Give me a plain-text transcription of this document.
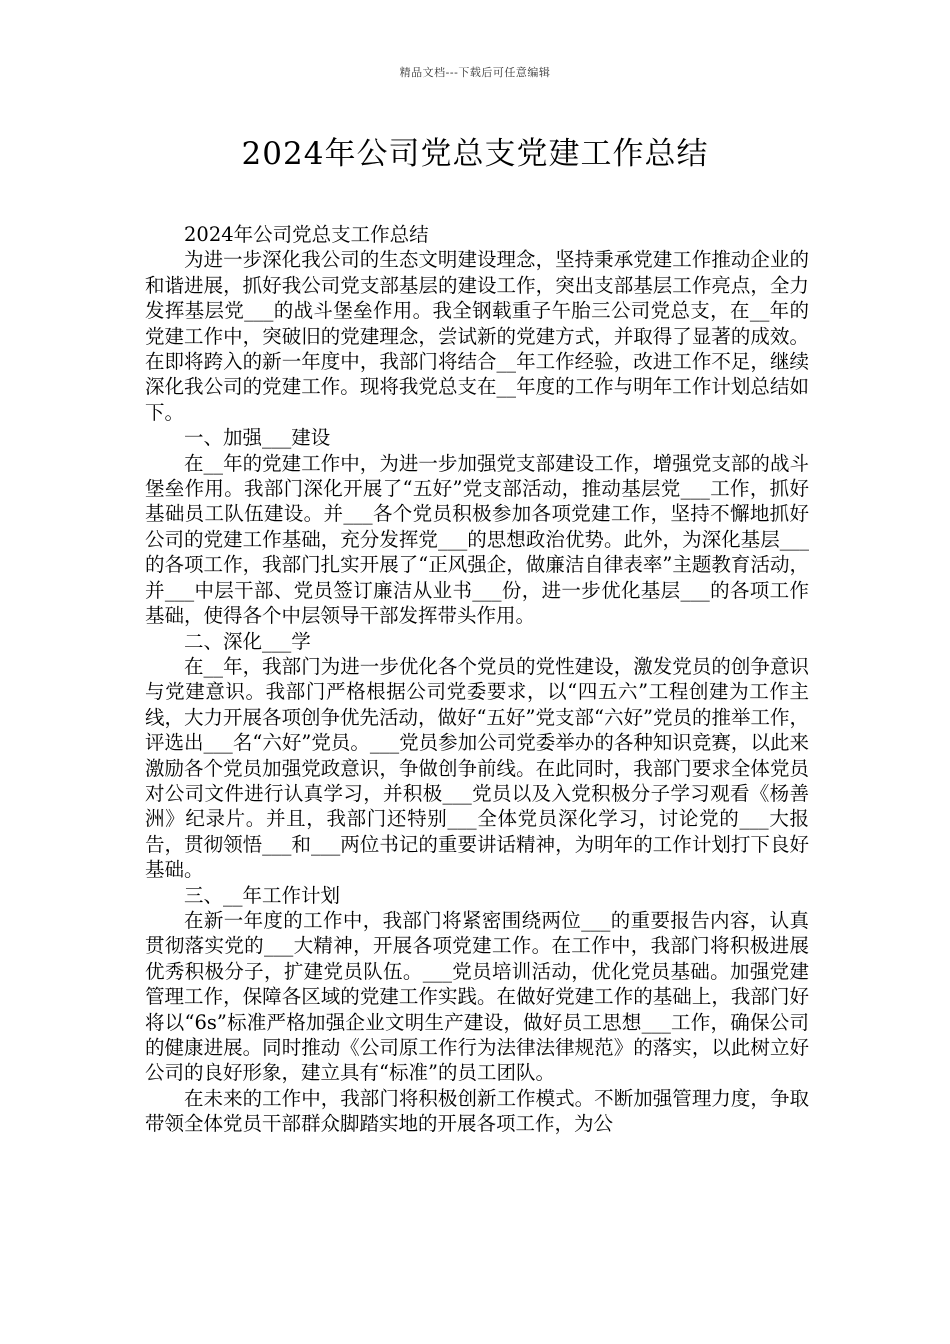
精品文档---下载后可任意编辑
2024年公司党总支党建工作总结

2024年公司党总支工作总结

为进一步深化我公司的生态文明建设理念，坚持秉承党建工作推动企业的和谐进展，抓好我公司党支部基层的建设工作，突出支部基层工作亮点，全力发挥基层党___的战斗堡垒作用。我全钢载重子午胎三公司党总支，在__年的党建工作中，突破旧的党建理念，尝试新的党建方式，并取得了显著的成效。在即将跨入的新一年度中，我部门将结合__年工作经验，改进工作不足，继续深化我公司的党建工作。现将我党总支在__年度的工作与明年工作计划总结如下。

一、加强___建设

在__年的党建工作中，为进一步加强党支部建设工作，增强党支部的战斗堡垒作用。我部门深化开展了“五好”党支部活动，推动基层党___工作，抓好基础员工队伍建设。并___各个党员积极参加各项党建工作，坚持不懈地抓好公司的党建工作基础，充分发挥党___的思想政治优势。此外，为深化基层___的各项工作，我部门扎实开展了“正风强企，做廉洁自律表率”主题教育活动，并___中层干部、党员签订廉洁从业书___份，进一步优化基层___的各项工作基础，使得各个中层领导干部发挥带头作用。

二、深化___学

在__年，我部门为进一步优化各个党员的党性建设，激发党员的创争意识与党建意识。我部门严格根据公司党委要求，以“四五六”工程创建为工作主线，大力开展各项创争优先活动，做好“五好”党支部“六好”党员的推举工作，评选出___名“六好”党员。___党员参加公司党委举办的各种知识竞赛，以此来激励各个党员加强党政意识，争做创争前线。在此同时，我部门要求全体党员对公司文件进行认真学习，并积极___党员以及入党积极分子学习观看《杨善洲》纪录片。并且，我部门还特别___全体党员深化学习，讨论党的___大报告，贯彻领悟___和___两位书记的重要讲话精神，为明年的工作计划打下良好基础。

三、__年工作计划

在新一年度的工作中，我部门将紧密围绕两位___的重要报告内容，认真贯彻落实党的___大精神，开展各项党建工作。在工作中，我部门将积极进展优秀积极分子，扩建党员队伍。___党员培训活动，优化党员基础。加强党建管理工作，保障各区域的党建工作实践。在做好党建工作的基础上，我部门好将以“6s”标准严格加强企业文明生产建设，做好员工思想___工作，确保公司的健康进展。同时推动《公司原工作行为法律法律规范》的落实，以此树立好公司的良好形象，建立具有“标准”的员工团队。

在未来的工作中，我部门将积极创新工作模式。不断加强管理力度，争取带领全体党员干部群众脚踏实地的开展各项工作，为公
